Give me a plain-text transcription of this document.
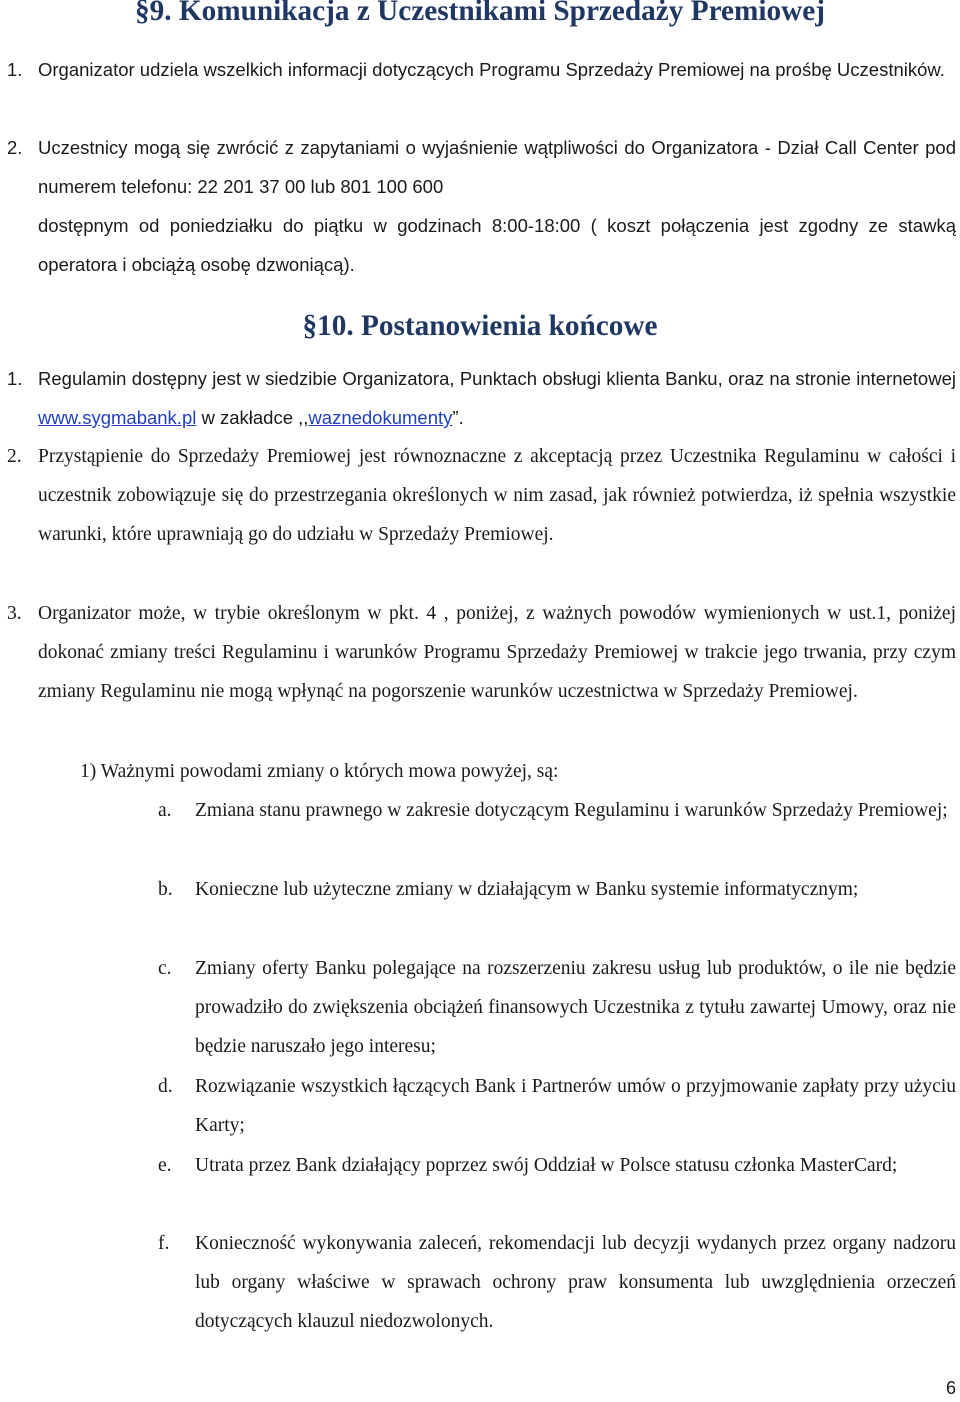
§9. Komunikacja z Uczestnikami Sprzedaży Premiowej
1. Organizator udziela wszelkich informacji dotyczących Programu Sprzedaży Premiowej na prośbę Uczestników.
2. Uczestnicy mogą się zwrócić z zapytaniami o wyjaśnienie wątpliwości do Organizatora - Dział Call Center pod numerem telefonu: 22 201 37 00 lub 801 100 600
dostępnym od poniedziałku do piątku w godzinach 8:00-18:00 ( koszt połączenia jest zgodny ze stawką operatora i obciążą osobę dzwoniącą).
§10. Postanowienia końcowe
1. Regulamin dostępny jest w siedzibie Organizatora, Punktach obsługi klienta Banku, oraz na stronie internetowej www.sygmabank.pl w zakładce ,,waznedokumenty”.
2. Przystąpienie do Sprzedaży Premiowej jest równoznaczne z akceptacją przez Uczestnika Regulaminu w całości i uczestnik zobowiązuje się do przestrzegania określonych w nim zasad, jak również potwierdza, iż spełnia wszystkie warunki, które uprawniają go do udziału w Sprzedaży Premiowej.
3. Organizator może, w trybie określonym w pkt. 4 , poniżej, z ważnych powodów wymienionych w ust.1, poniżej dokonać zmiany treści Regulaminu i warunków Programu Sprzedaży Premiowej w trakcie jego trwania, przy czym zmiany Regulaminu nie mogą wpłynąć na pogorszenie warunków uczestnictwa w Sprzedaży Premiowej.
1) Ważnymi powodami zmiany o których mowa powyżej, są:
a.	Zmiana stanu prawnego w zakresie dotyczącym Regulaminu i warunków Sprzedaży Premiowej;
b.	Konieczne lub użyteczne zmiany w działającym w Banku systemie informatycznym;
c.	Zmiany oferty Banku polegające na rozszerzeniu zakresu usług lub produktów, o ile nie będzie prowadziło do zwiększenia obciążeń finansowych Uczestnika z tytułu zawartej Umowy, oraz nie będzie naruszało jego interesu;
d.	Rozwiązanie wszystkich łączących Bank i Partnerów umów o przyjmowanie zapłaty przy użyciu Karty;
e.	Utrata przez Bank działający poprzez swój Oddział w Polsce statusu członka MasterCard;
f.	Konieczność wykonywania zaleceń, rekomendacji lub decyzji wydanych przez organy nadzoru lub organy właściwe w sprawach ochrony praw konsumenta lub uwzględnienia orzeczeń dotyczących klauzul niedozwolonych.
6
